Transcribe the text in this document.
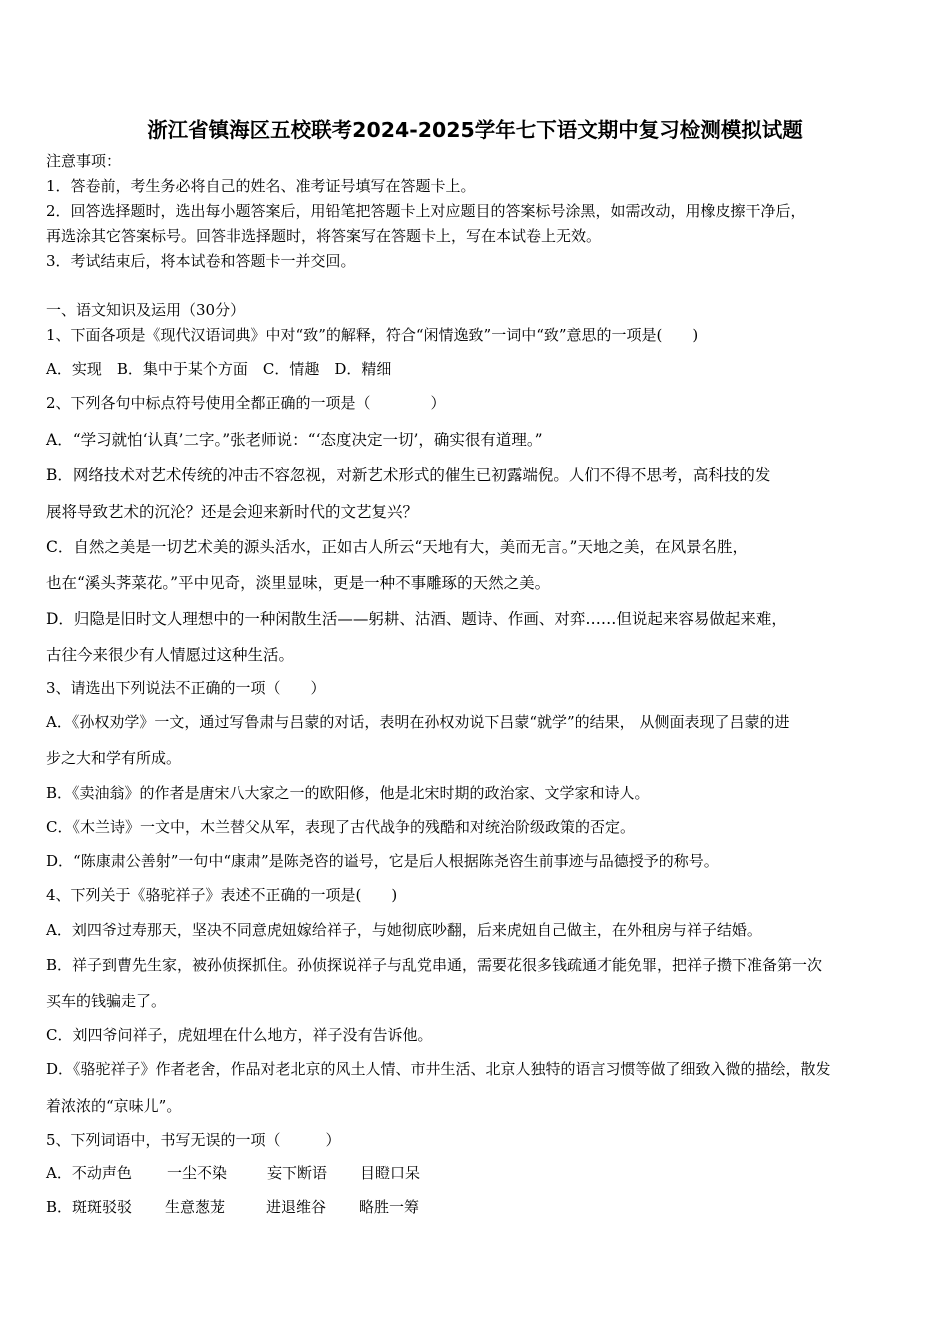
浙江省镇海区五校联考2024-2025学年七下语文期中复习检测模拟试题
注意事项：
1．答卷前，考生务必将自己的姓名、准考证号填写在答题卡上。
2．回答选择题时，选出每小题答案后，用铅笔把答题卡上对应题目的答案标号涂黑，如需改动，用橡皮擦干净后，
再选涂其它答案标号。回答非选择题时，将答案写在答题卡上，写在本试卷上无效。
3．考试结束后，将本试卷和答题卡一并交回。
一、语文知识及运用（30分）
1、下面各项是《现代汉语词典》中对“致”的解释，符合“闲情逸致”一词中“致”意思的一项是(　　)
A．实现　B．集中于某个方面　C．情趣　D．精细
2、下列各句中标点符号使用全都正确的一项是（　　　　）
A．“学习就怕‘认真’二字。”张老师说：“‘态度决定一切’，确实很有道理。”
B．网络技术对艺术传统的冲击不容忽视，对新艺术形式的催生已初露端倪。人们不得不思考，高科技的发
展将导致艺术的沉沦？还是会迎来新时代的文艺复兴？
C．自然之美是一切艺术美的源头活水，正如古人所云“天地有大，美而无言。”天地之美，在风景名胜，
也在“溪头荠菜花。”平中见奇，淡里显味，更是一种不事雕琢的天然之美。
D．归隐是旧时文人理想中的一种闲散生活——躬耕、沽酒、题诗、作画、对弈……但说起来容易做起来难，
古往今来很少有人情愿过这种生活。
3、请选出下列说法不正确的一项（　　）
A．《孙权劝学》一文，通过写鲁肃与吕蒙的对话，表明在孙权劝说下吕蒙“就学”的结果， 从侧面表现了吕蒙的进
步之大和学有所成。
B．《卖油翁》的作者是唐宋八大家之一的欧阳修，他是北宋时期的政治家、文学家和诗人。
C．《木兰诗》一文中，木兰替父从军，表现了古代战争的残酷和对统治阶级政策的否定。
D．“陈康肃公善射”一句中“康肃”是陈尧咨的谥号，它是后人根据陈尧咨生前事迹与品德授予的称号。
4、下列关于《骆驼祥子》表述不正确的一项是(　　)
A．刘四爷过寿那天，坚决不同意虎妞嫁给祥子，与她彻底吵翻，后来虎妞自己做主，在外租房与祥子结婚。
B．祥子到曹先生家，被孙侦探抓住。孙侦探说祥子与乱党串通，需要花很多钱疏通才能免罪，把祥子攒下准备第一次
买车的钱骗走了。
C．刘四爷问祥子，虎妞埋在什么地方，祥子没有告诉他。
D．《骆驼祥子》作者老舍，作品对老北京的风土人情、市井生活、北京人独特的语言习惯等做了细致入微的描绘，散发
着浓浓的“京味儿”。
5、下列词语中，书写无误的一项（　　　）
A．不动声色 一尘不染	妄下断语 目瞪口呆
B．斑斑驳驳 生意葱茏	进退维谷 略胜一筹
